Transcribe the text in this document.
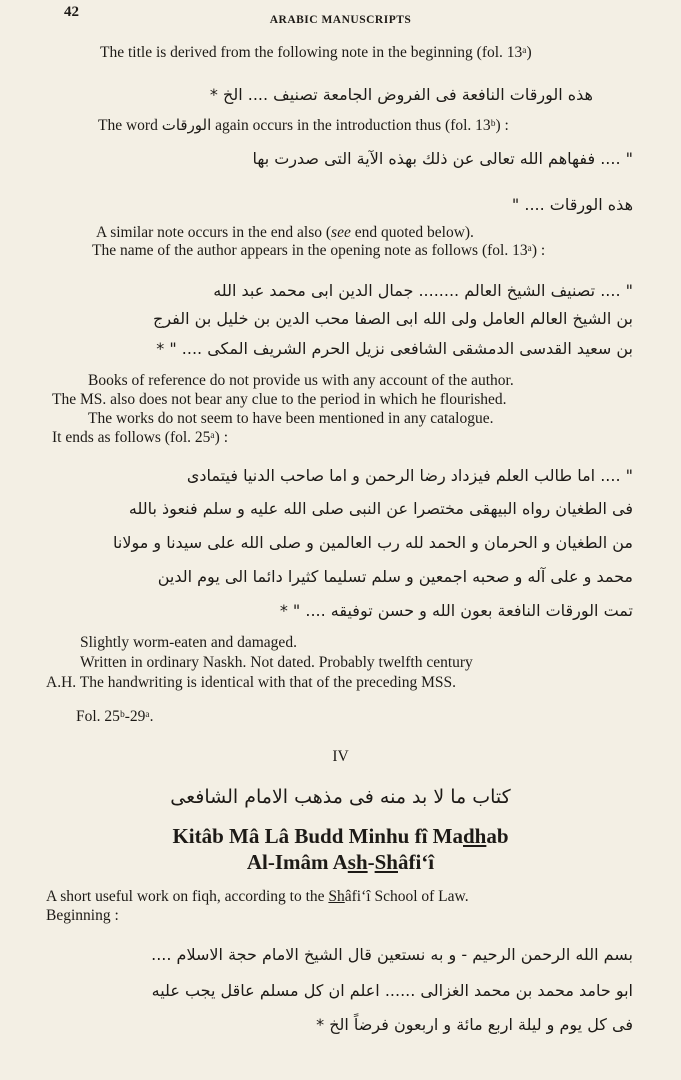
42	ARABIC MANUSCRIPTS
The title is derived from the following note in the beginning (fol. 13ᵃ)
هذه الورقات النافعة فى الفروض الجامعة تصنيف .... الخ *
The word الورقات again occurs in the introduction thus (fol. 13ᵇ) :
" .... ففهاهم الله تعالى عن ذلك بهذه الآية التى صدرت بها
هذه الورقات .... "
A similar note occurs in the end also (see end quoted below).
The name of the author appears in the opening note as follows (fol. 13ᵃ) :
" .... تصنيف الشيخ العالم ........ جمال الدين ابى محمد عبد الله
بن الشيخ العالم العامل ولى الله ابى الصفا محب الدين بن خليل بن الفرج
بن سعيد القدسى الدمشقى الشافعى نزيل الحرم الشريف المكى .... " *
Books of reference do not provide us with any account of the author.
The MS. also does not bear any clue to the period in which he flourished.
The works do not seem to have been mentioned in any catalogue.
It ends as follows (fol. 25ᵃ) :
" .... اما طالب العلم فيزداد رضا الرحمن و اما صاحب الدنيا فيتمادى
فى الطغيان رواه البيهقى مختصرا عن النبى صلى الله عليه و سلم فنعوذ بالله
من الطغيان و الحرمان و الحمد لله رب العالمين و صلى الله على سيدنا و مولانا
محمد و على آله و صحبه اجمعين و سلم تسليما كثيرا دائما الى يوم الدين
تمت الورقات النافعة بعون الله و حسن توفيقه .... " *
Slightly worm-eaten and damaged.
Written in ordinary Naskh. Not dated. Probably twelfth century
A.H. The handwriting is identical with that of the preceding MSS.
Fol. 25ᵇ-29ᵃ.
IV
كتاب ما لا بد منه فى مذهب الامام الشافعى
Kitâb Mâ Lâ Budd Minhu fî Madhab
Al-Imâm Ash-Shâfi‘î
A short useful work on fiqh, according to the Shâfi‘î School of Law.
Beginning :
بسم الله الرحمن الرحيم - و به نستعين قال الشيخ الامام حجة الاسلام ....
ابو حامد محمد بن محمد الغزالى ...... اعلم ان كل مسلم عاقل يجب عليه
فى كل يوم و ليلة اربع مائة و اربعون فرضاً الخ *
